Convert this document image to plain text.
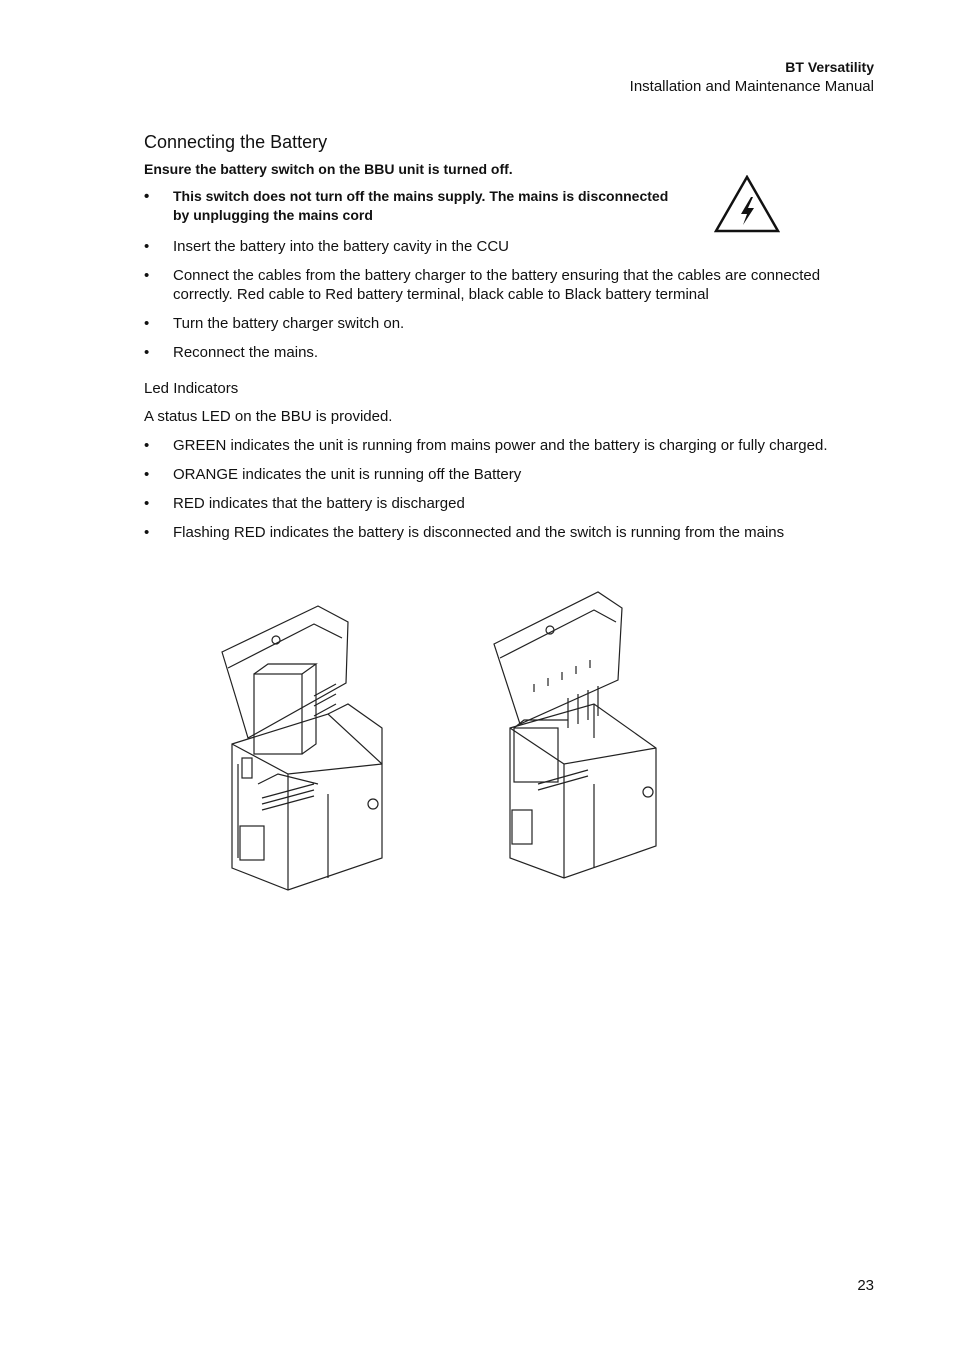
BT Versatility
Installation and Maintenance Manual
Connecting the Battery

Ensure the battery switch on the BBU unit is turned off.

• This switch does not turn off the mains supply. The mains is disconnected by unplugging the mains cord
• Insert the battery into the battery cavity in the CCU
• Connect the cables from the battery charger to the battery ensuring that the cables are connected correctly. Red cable to Red battery terminal, black cable to Black battery terminal
• Turn the battery charger switch on.
• Reconnect the mains.
Led Indicators

A status LED on the BBU is provided.

• GREEN indicates the unit is running from mains power and the battery is charging or fully charged.
• ORANGE indicates the unit is running off the Battery
• RED indicates that the battery is discharged
• Flashing RED indicates the battery is disconnected and the switch is running from the mains
23
